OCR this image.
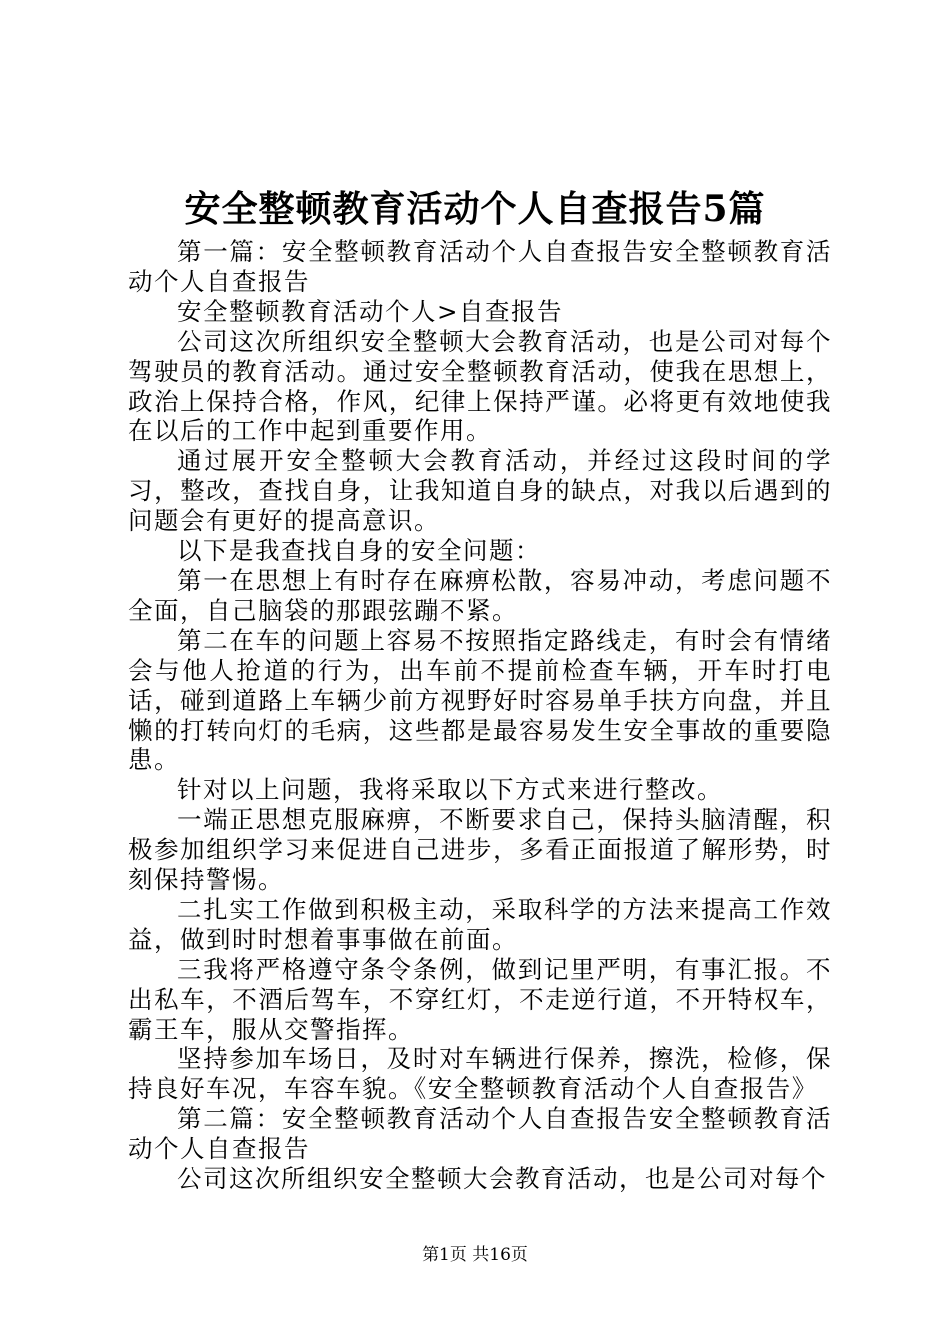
安全整顿教育活动个人自查报告5篇

第一篇：安全整顿教育活动个人自查报告安全整顿教育活动个人自查报告

安全整顿教育活动个人>自查报告

公司这次所组织安全整顿大会教育活动，也是公司对每个驾驶员的教育活动。通过安全整顿教育活动，使我在思想上，政治上保持合格，作风，纪律上保持严谨。必将更有效地使我在以后的工作中起到重要作用。

通过展开安全整顿大会教育活动，并经过这段时间的学习，整改，查找自身，让我知道自身的缺点，对我以后遇到的问题会有更好的提高意识。

以下是我查找自身的安全问题：

第一在思想上有时存在麻痹松散，容易冲动，考虑问题不全面，自己脑袋的那跟弦蹦不紧。

第二在车的问题上容易不按照指定路线走，有时会有情绪会与他人抢道的行为，出车前不提前检查车辆，开车时打电话，碰到道路上车辆少前方视野好时容易单手扶方向盘，并且懒的打转向灯的毛病，这些都是最容易发生安全事故的重要隐患。

针对以上问题，我将采取以下方式来进行整改。

一端正思想克服麻痹，不断要求自己，保持头脑清醒，积极参加组织学习来促进自己进步，多看正面报道了解形势，时刻保持警惕。

二扎实工作做到积极主动，采取科学的方法来提高工作效益，做到时时想着事事做在前面。

三我将严格遵守条令条例，做到记里严明，有事汇报。不出私车，不酒后驾车，不穿红灯，不走逆行道，不开特权车，霸王车，服从交警指挥。

坚持参加车场日，及时对车辆进行保养，擦洗，检修，保持良好车况，车容车貌。《安全整顿教育活动个人自查报告》

第二篇：安全整顿教育活动个人自查报告安全整顿教育活动个人自查报告

公司这次所组织安全整顿大会教育活动，也是公司对每个

第1页 共16页
